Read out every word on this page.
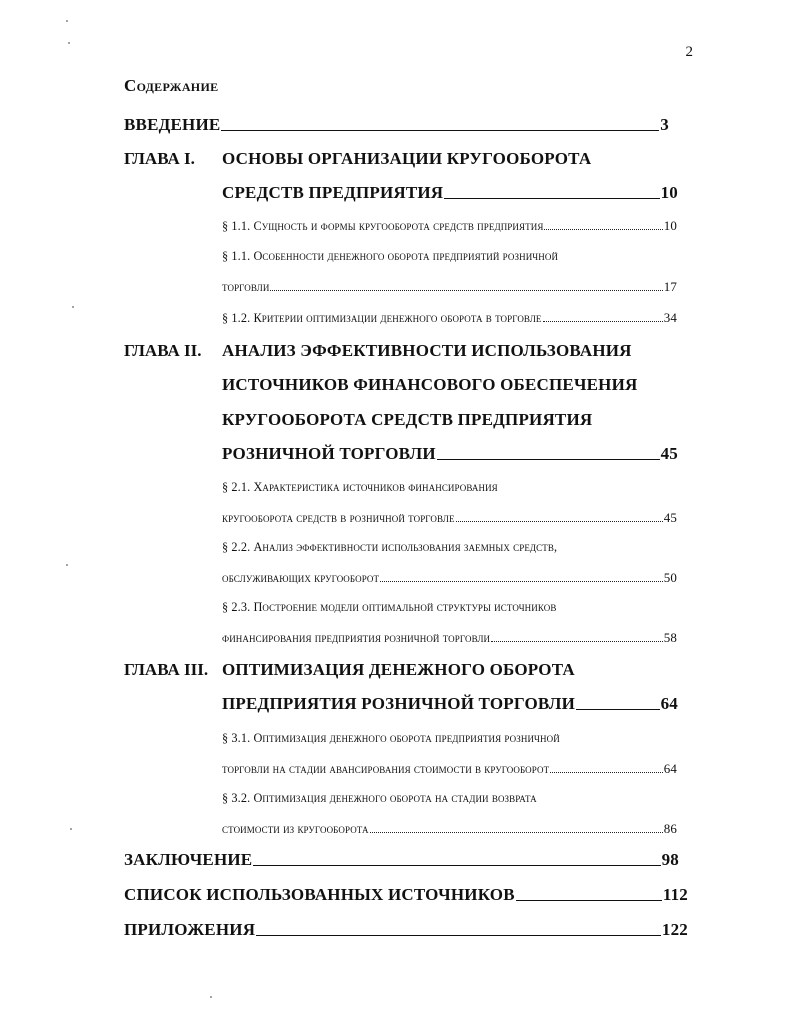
2
Содержание
ВВЕДЕНИЕ	3
ГЛАВА I. ОСНОВЫ ОРГАНИЗАЦИИ КРУГООБОРОТА
СРЕДСТВ ПРЕДПРИЯТИЯ	10
§ 1.1. Сущность и формы кругооборота средств предприятия	10
§ 1.1. Особенности денежного оборота предприятий розничной
торговли	17
§ 1.2. Критерии оптимизации денежного оборота в торговле	34
ГЛАВА II. АНАЛИЗ ЭФФЕКТИВНОСТИ ИСПОЛЬЗОВАНИЯ
ИСТОЧНИКОВ ФИНАНСОВОГО ОБЕСПЕЧЕНИЯ
КРУГООБОРОТА СРЕДСТВ ПРЕДПРИЯТИЯ
РОЗНИЧНОЙ ТОРГОВЛИ	45
§ 2.1. Характеристика источников финансирования
кругооборота средств в розничной торговле	45
§ 2.2. Анализ эффективности использования заемных средств,
обслуживающих кругооборот	50
§ 2.3. Построение модели оптимальной структуры источников
финансирования предприятия розничной торговли	58
ГЛАВА III. ОПТИМИЗАЦИЯ ДЕНЕЖНОГО ОБОРОТА
ПРЕДПРИЯТИЯ РОЗНИЧНОЙ ТОРГОВЛИ	64
§ 3.1. Оптимизация денежного оборота предприятия розничной
торговли на стадии авансирования стоимости в кругооборот	64
§ 3.2. Оптимизация денежного оборота на стадии возврата
стоимости из кругооборота	86
ЗАКЛЮЧЕНИЕ	98
СПИСОК ИСПОЛЬЗОВАННЫХ ИСТОЧНИКОВ	112
ПРИЛОЖЕНИЯ	122
